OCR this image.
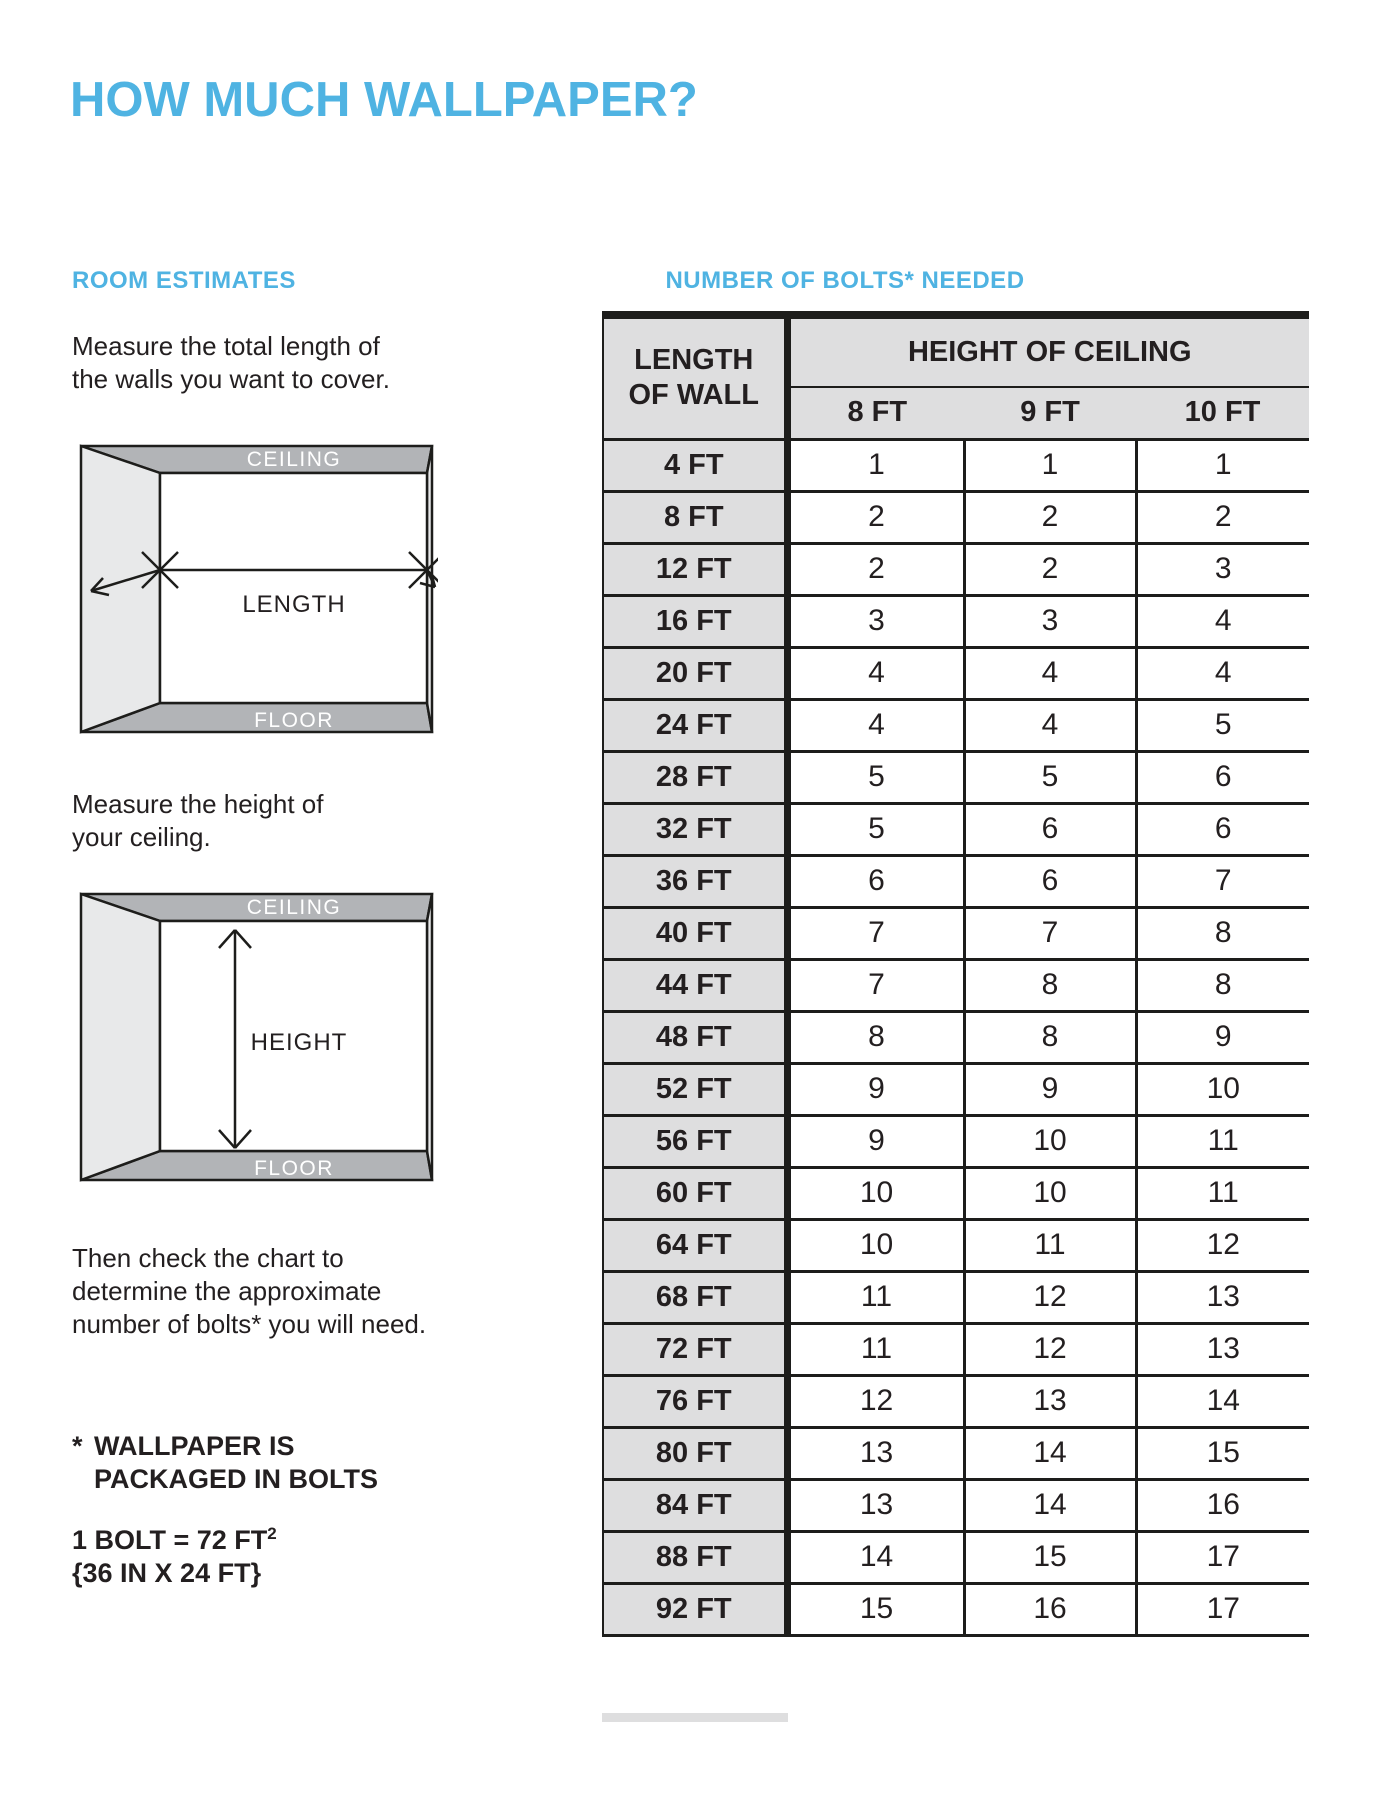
HOW MUCH WALLPAPER?
ROOM ESTIMATES	NUMBER OF BOLTS* NEEDED
Measure the total length of
the walls you want to cover.
CEILING
FLOOR
LENGTH
Measure the height of
your ceiling.
CEILING
FLOOR
HEIGHT
Then check the chart to
determine the approximate
number of bolts* you will need.
* WALLPAPER IS
PACKAGED IN BOLTS
1 BOLT = 72 $FT^2$
{36 IN X 24 FT}
LENGTH
OF WALL	HEIGHT OF CEILING		
	8 FT	9 FT	10 FT
4 FT	1	1	1
8 FT	2	2	2
12 FT	2	2	3
16 FT	3	3	4
20 FT	4	4	4
24 FT	4	4	5
28 FT	5	5	6
32 FT	5	6	6
36 FT	6	6	7
40 FT	7	7	8
44 FT	7	8	8
48 FT	8	8	9
52 FT	9	9	10
56 FT	9	10	11
60 FT	10	10	11
64 FT	10	11	12
68 FT	11	12	13
72 FT	11	12	13
76 FT	12	13	14
80 FT	13	14	15
84 FT	13	14	16
88 FT	14	15	17
92 FT	15	16	17
